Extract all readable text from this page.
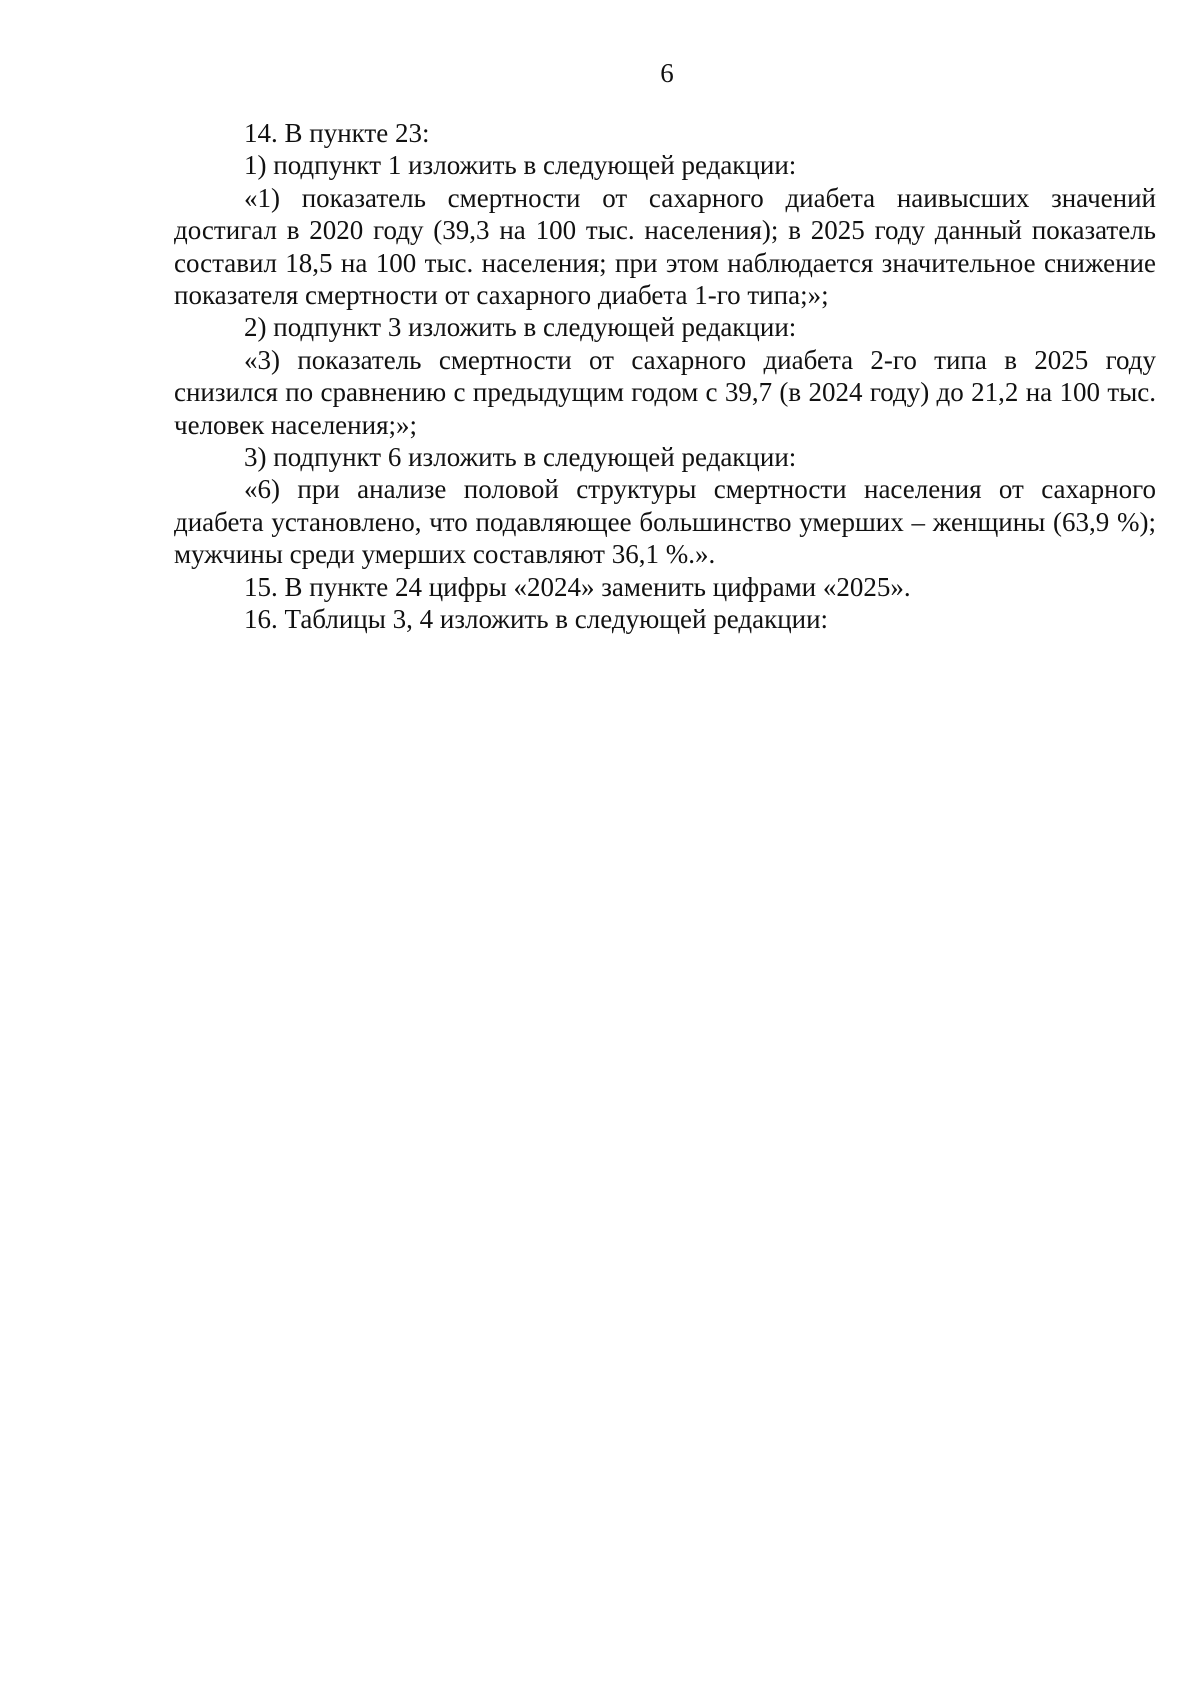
6

14. В пункте 23:

1) подпункт 1 изложить в следующей редакции:

«1) показатель смертности от сахарного диабета наивысших значений достигал в 2020 году (39,3 на 100 тыс. населения); в 2025 году данный показатель составил 18,5 на 100 тыс. населения; при этом наблюдается значительное снижение показателя смертности от сахарного диабета 1-го типа;»;

2) подпункт 3 изложить в следующей редакции:

«3) показатель смертности от сахарного диабета 2-го типа в 2025 году снизился по сравнению с предыдущим годом с 39,7 (в 2024 году) до 21,2 на 100 тыс. человек населения;»;

3) подпункт 6 изложить в следующей редакции:

«6) при анализе половой структуры смертности населения от сахарного диабета установлено, что подавляющее большинство умерших – женщины (63,9 %); мужчины среди умерших составляют 36,1 %.».

15. В пункте 24 цифры «2024» заменить цифрами «2025».

16. Таблицы 3, 4 изложить в следующей редакции:
